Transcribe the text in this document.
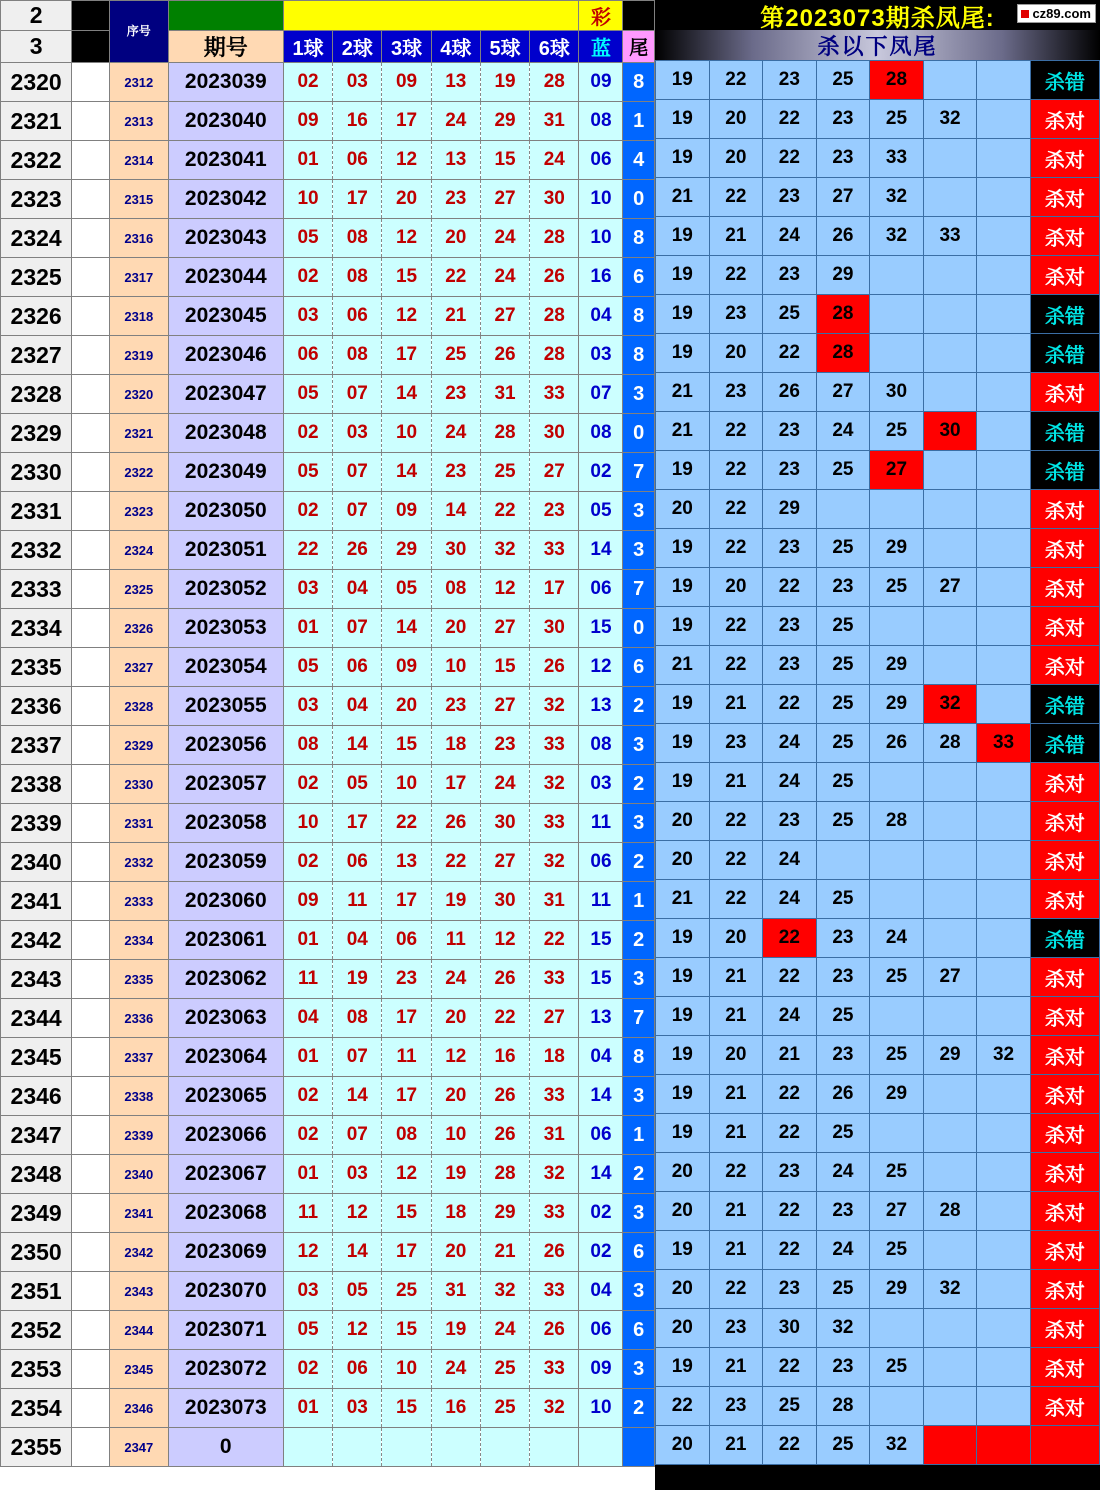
2		序号								彩	
3			期号	1球	2球	3球	4球	5球	6球	蓝	尾
2320		2312	2023039	02	03	09	13	19	28	09	8
2321		2313	2023040	09	16	17	24	29	31	08	1
2322		2314	2023041	01	06	12	13	15	24	06	4
2323		2315	2023042	10	17	20	23	27	30	10	0
2324		2316	2023043	05	08	12	20	24	28	10	8
2325		2317	2023044	02	08	15	22	24	26	16	6
2326		2318	2023045	03	06	12	21	27	28	04	8
2327		2319	2023046	06	08	17	25	26	28	03	8
2328		2320	2023047	05	07	14	23	31	33	07	3
2329		2321	2023048	02	03	10	24	28	30	08	0
2330		2322	2023049	05	07	14	23	25	27	02	7
2331		2323	2023050	02	07	09	14	22	23	05	3
2332		2324	2023051	22	26	29	30	32	33	14	3
2333		2325	2023052	03	04	05	08	12	17	06	7
2334		2326	2023053	01	07	14	20	27	30	15	0
2335		2327	2023054	05	06	09	10	15	26	12	6
2336		2328	2023055	03	04	20	23	27	32	13	2
2337		2329	2023056	08	14	15	18	23	33	08	3
2338		2330	2023057	02	05	10	17	24	32	03	2
2339		2331	2023058	10	17	22	26	30	33	11	3
2340		2332	2023059	02	06	13	22	27	32	06	2
2341		2333	2023060	09	11	17	19	30	31	11	1
2342		2334	2023061	01	04	06	11	12	22	15	2
2343		2335	2023062	11	19	23	24	26	33	15	3
2344		2336	2023063	04	08	17	20	22	27	13	7
2345		2337	2023064	01	07	11	12	16	18	04	8
2346		2338	2023065	02	14	17	20	26	33	14	3
2347		2339	2023066	02	07	08	10	26	31	06	1
2348		2340	2023067	01	03	12	19	28	32	14	2
2349		2341	2023068	11	12	15	18	29	33	02	3
2350		2342	2023069	12	14	17	20	21	26	02	6
2351		2343	2023070	03	05	25	31	32	33	04	3
2352		2344	2023071	05	12	15	19	24	26	06	6
2353		2345	2023072	02	06	10	24	25	33	09	3
2354		2346	2023073	01	03	15	16	25	32	10	2
2355		2347	0								
第2023073期杀凤尾:	cz89.com
杀以下凤尾
19	22	23	25	28			杀错
19	20	22	23	25	32		杀对
19	20	22	23	33			杀对
21	22	23	27	32			杀对
19	21	24	26	32	33		杀对
19	22	23	29				杀对
19	23	25	28				杀错
19	20	22	28				杀错
21	23	26	27	30			杀对
21	22	23	24	25	30		杀错
19	22	23	25	27			杀错
20	22	29					杀对
19	22	23	25	29			杀对
19	20	22	23	25	27		杀对
19	22	23	25				杀对
21	22	23	25	29			杀对
19	21	22	25	29	32		杀错
19	23	24	25	26	28	33	杀错
19	21	24	25				杀对
20	22	23	25	28			杀对
20	22	24					杀对
21	22	24	25				杀对
19	20	22	23	24			杀错
19	21	22	23	25	27		杀对
19	21	24	25				杀对
19	20	21	23	25	29	32	杀对
19	21	22	26	29			杀对
19	21	22	25				杀对
20	22	23	24	25			杀对
20	21	22	23	27	28		杀对
19	21	22	24	25			杀对
20	22	23	25	29	32		杀对
20	23	30	32				杀对
19	21	22	23	25			杀对
22	23	25	28				杀对
20	21	22	25	32			
